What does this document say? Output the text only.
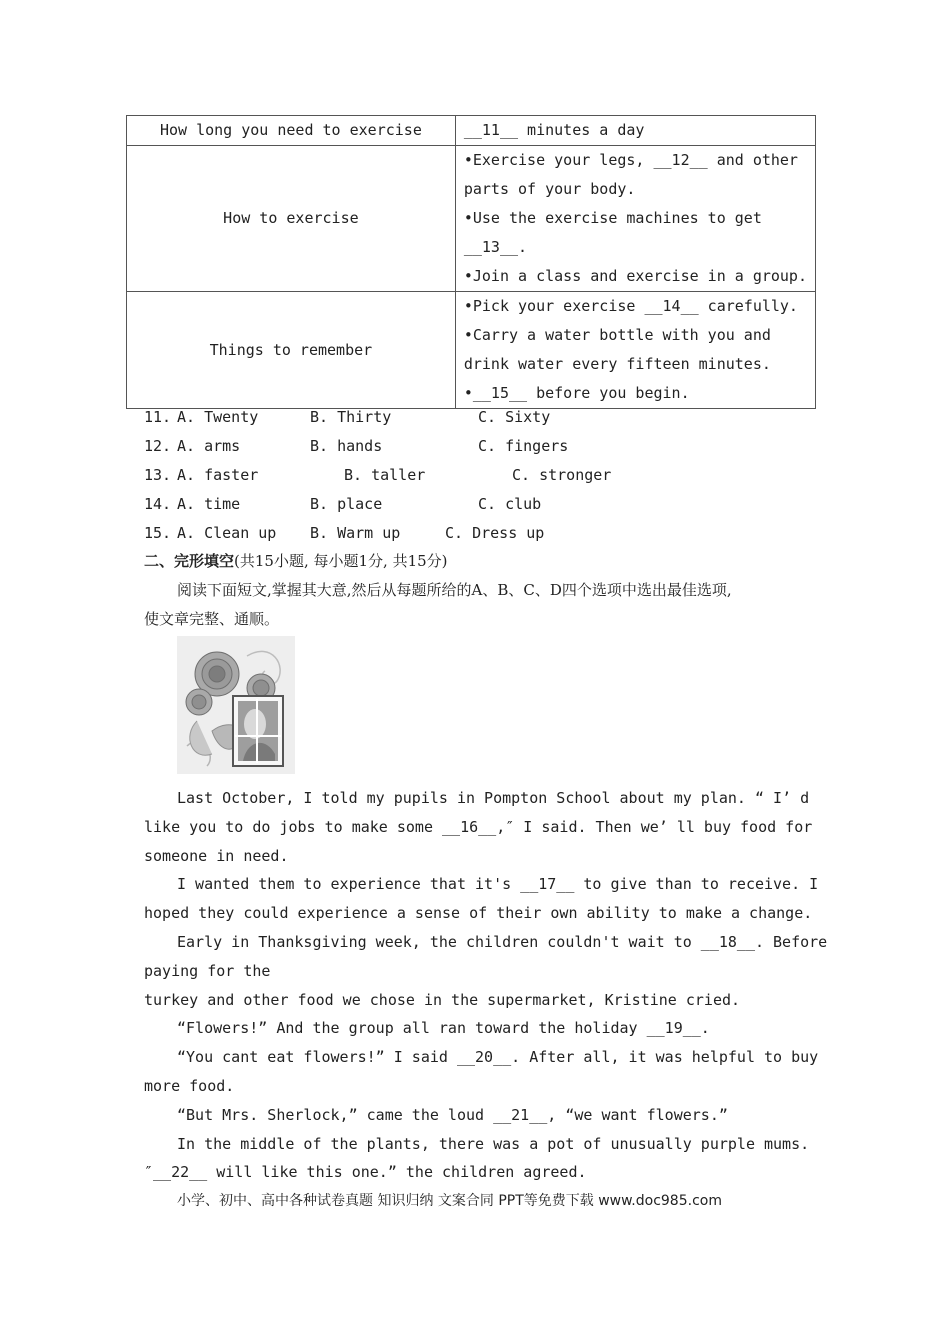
How long you need to exercise	__11__ minutes a day

How to exercise	•Exercise your legs, __12__ and other
parts of your body.
•Use the exercise machines to get
__13__.
•Join a class and exercise in a group.

Things to remember	•Pick your exercise __14__ carefully.
•Carry a water bottle with you and
drink water every fifteen minutes.
•__15__ before you begin.
11. A. Twenty	B. Thirty	C. Sixty
12. A. arms	B. hands	C. fingers
13. A. faster	B. taller	C. stronger
14. A. time	B. place	C. club
15. A. Clean up B. Warm up	C. Dress up
二、完形填空(共15小题, 每小题1分, 共15分)
阅读下面短文,掌握其大意,然后从每题所给的A、B、C、D四个选项中选出最佳选项,
使文章完整、通顺。
Last October, I told my pupils in Pompton School about my plan. “ I’ d
like you to do jobs to make some __16__,″ I said. Then we’ ll buy food for
someone in need.
I wanted them to experience that it's __17__ to give than to receive. I
hoped they could experience a sense of their own ability to make a change.
Early in Thanksgiving week, the children couldn't wait to __18__. Before
paying for the
turkey and other food we chose in the supermarket, Kristine cried.
“Flowers!” And the group all ran toward the holiday __19__.
“You cant eat flowers!” I said __20__. After all, it was helpful to buy
more food.
“But Mrs. Sherlock,” came the loud __21__, “we want flowers.”
In the middle of the plants, there was a pot of unusually purple mums.
″__22__ will like this one.” the children agreed.
小学、初中、高中各种试卷真题 知识归纳 文案合同 PPT等免费下载 www.doc985.com
